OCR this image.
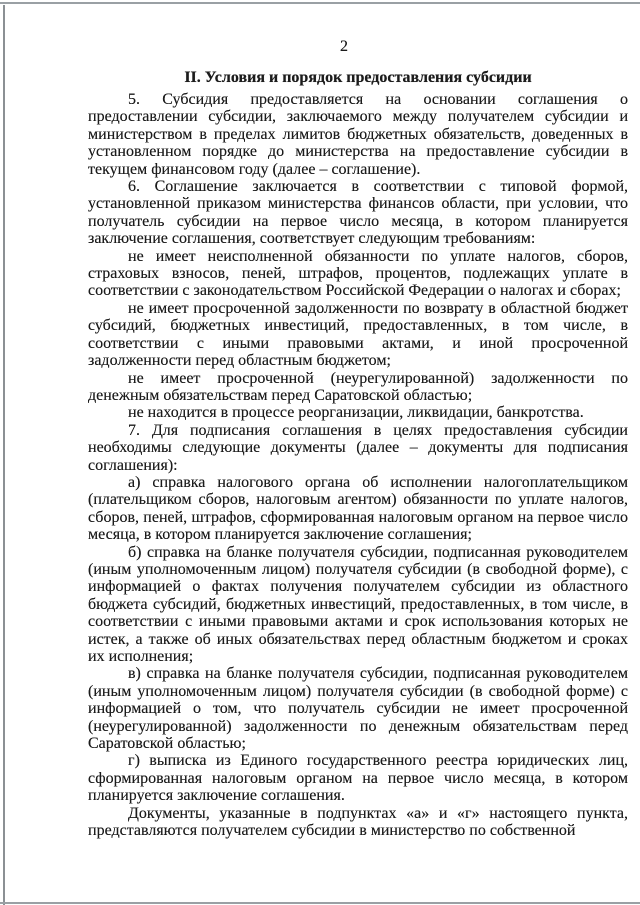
2

II. Условия и порядок предоставления субсидии

5. Субсидия предоставляется на основании соглашения о предоставлении субсидии, заключаемого между получателем субсидии и министерством в пределах лимитов бюджетных обязательств, доведенных в установленном порядке до министерства на предоставление субсидии в текущем финансовом году (далее – соглашение).

6. Соглашение заключается в соответствии с типовой формой, установленной приказом министерства финансов области, при условии, что получатель субсидии на первое число месяца, в котором планируется заключение соглашения, соответствует следующим требованиям:

не имеет неисполненной обязанности по уплате налогов, сборов, страховых взносов, пеней, штрафов, процентов, подлежащих уплате в соответствии с законодательством Российской Федерации о налогах и сборах;

не имеет просроченной задолженности по возврату в областной бюджет субсидий, бюджетных инвестиций, предоставленных, в том числе, в соответствии с иными правовыми актами, и иной просроченной задолженности перед областным бюджетом;

не имеет просроченной (неурегулированной) задолженности по денежным обязательствам перед Саратовской областью;

не находится в процессе реорганизации, ликвидации, банкротства.

7. Для подписания соглашения в целях предоставления субсидии необходимы следующие документы (далее – документы для подписания соглашения):

а) справка налогового органа об исполнении налогоплательщиком (плательщиком сборов, налоговым агентом) обязанности по уплате налогов, сборов, пеней, штрафов, сформированная налоговым органом на первое число месяца, в котором планируется заключение соглашения;

б) справка на бланке получателя субсидии, подписанная руководителем (иным уполномоченным лицом) получателя субсидии (в свободной форме), с информацией о фактах получения получателем субсидии из областного бюджета субсидий, бюджетных инвестиций, предоставленных, в том числе, в соответствии с иными правовыми актами и срок использования которых не истек, а также об иных обязательствах перед областным бюджетом и сроках их исполнения;

в) справка на бланке получателя субсидии, подписанная руководителем (иным уполномоченным лицом) получателя субсидии (в свободной форме) с информацией о том, что получатель субсидии не имеет просроченной (неурегулированной) задолженности по денежным обязательствам перед Саратовской областью;

г) выписка из Единого государственного реестра юридических лиц, сформированная налоговым органом на первое число месяца, в котором планируется заключение соглашения.

Документы, указанные в подпунктах «а» и «г» настоящего пункта, представляются получателем субсидии в министерство по собственной
